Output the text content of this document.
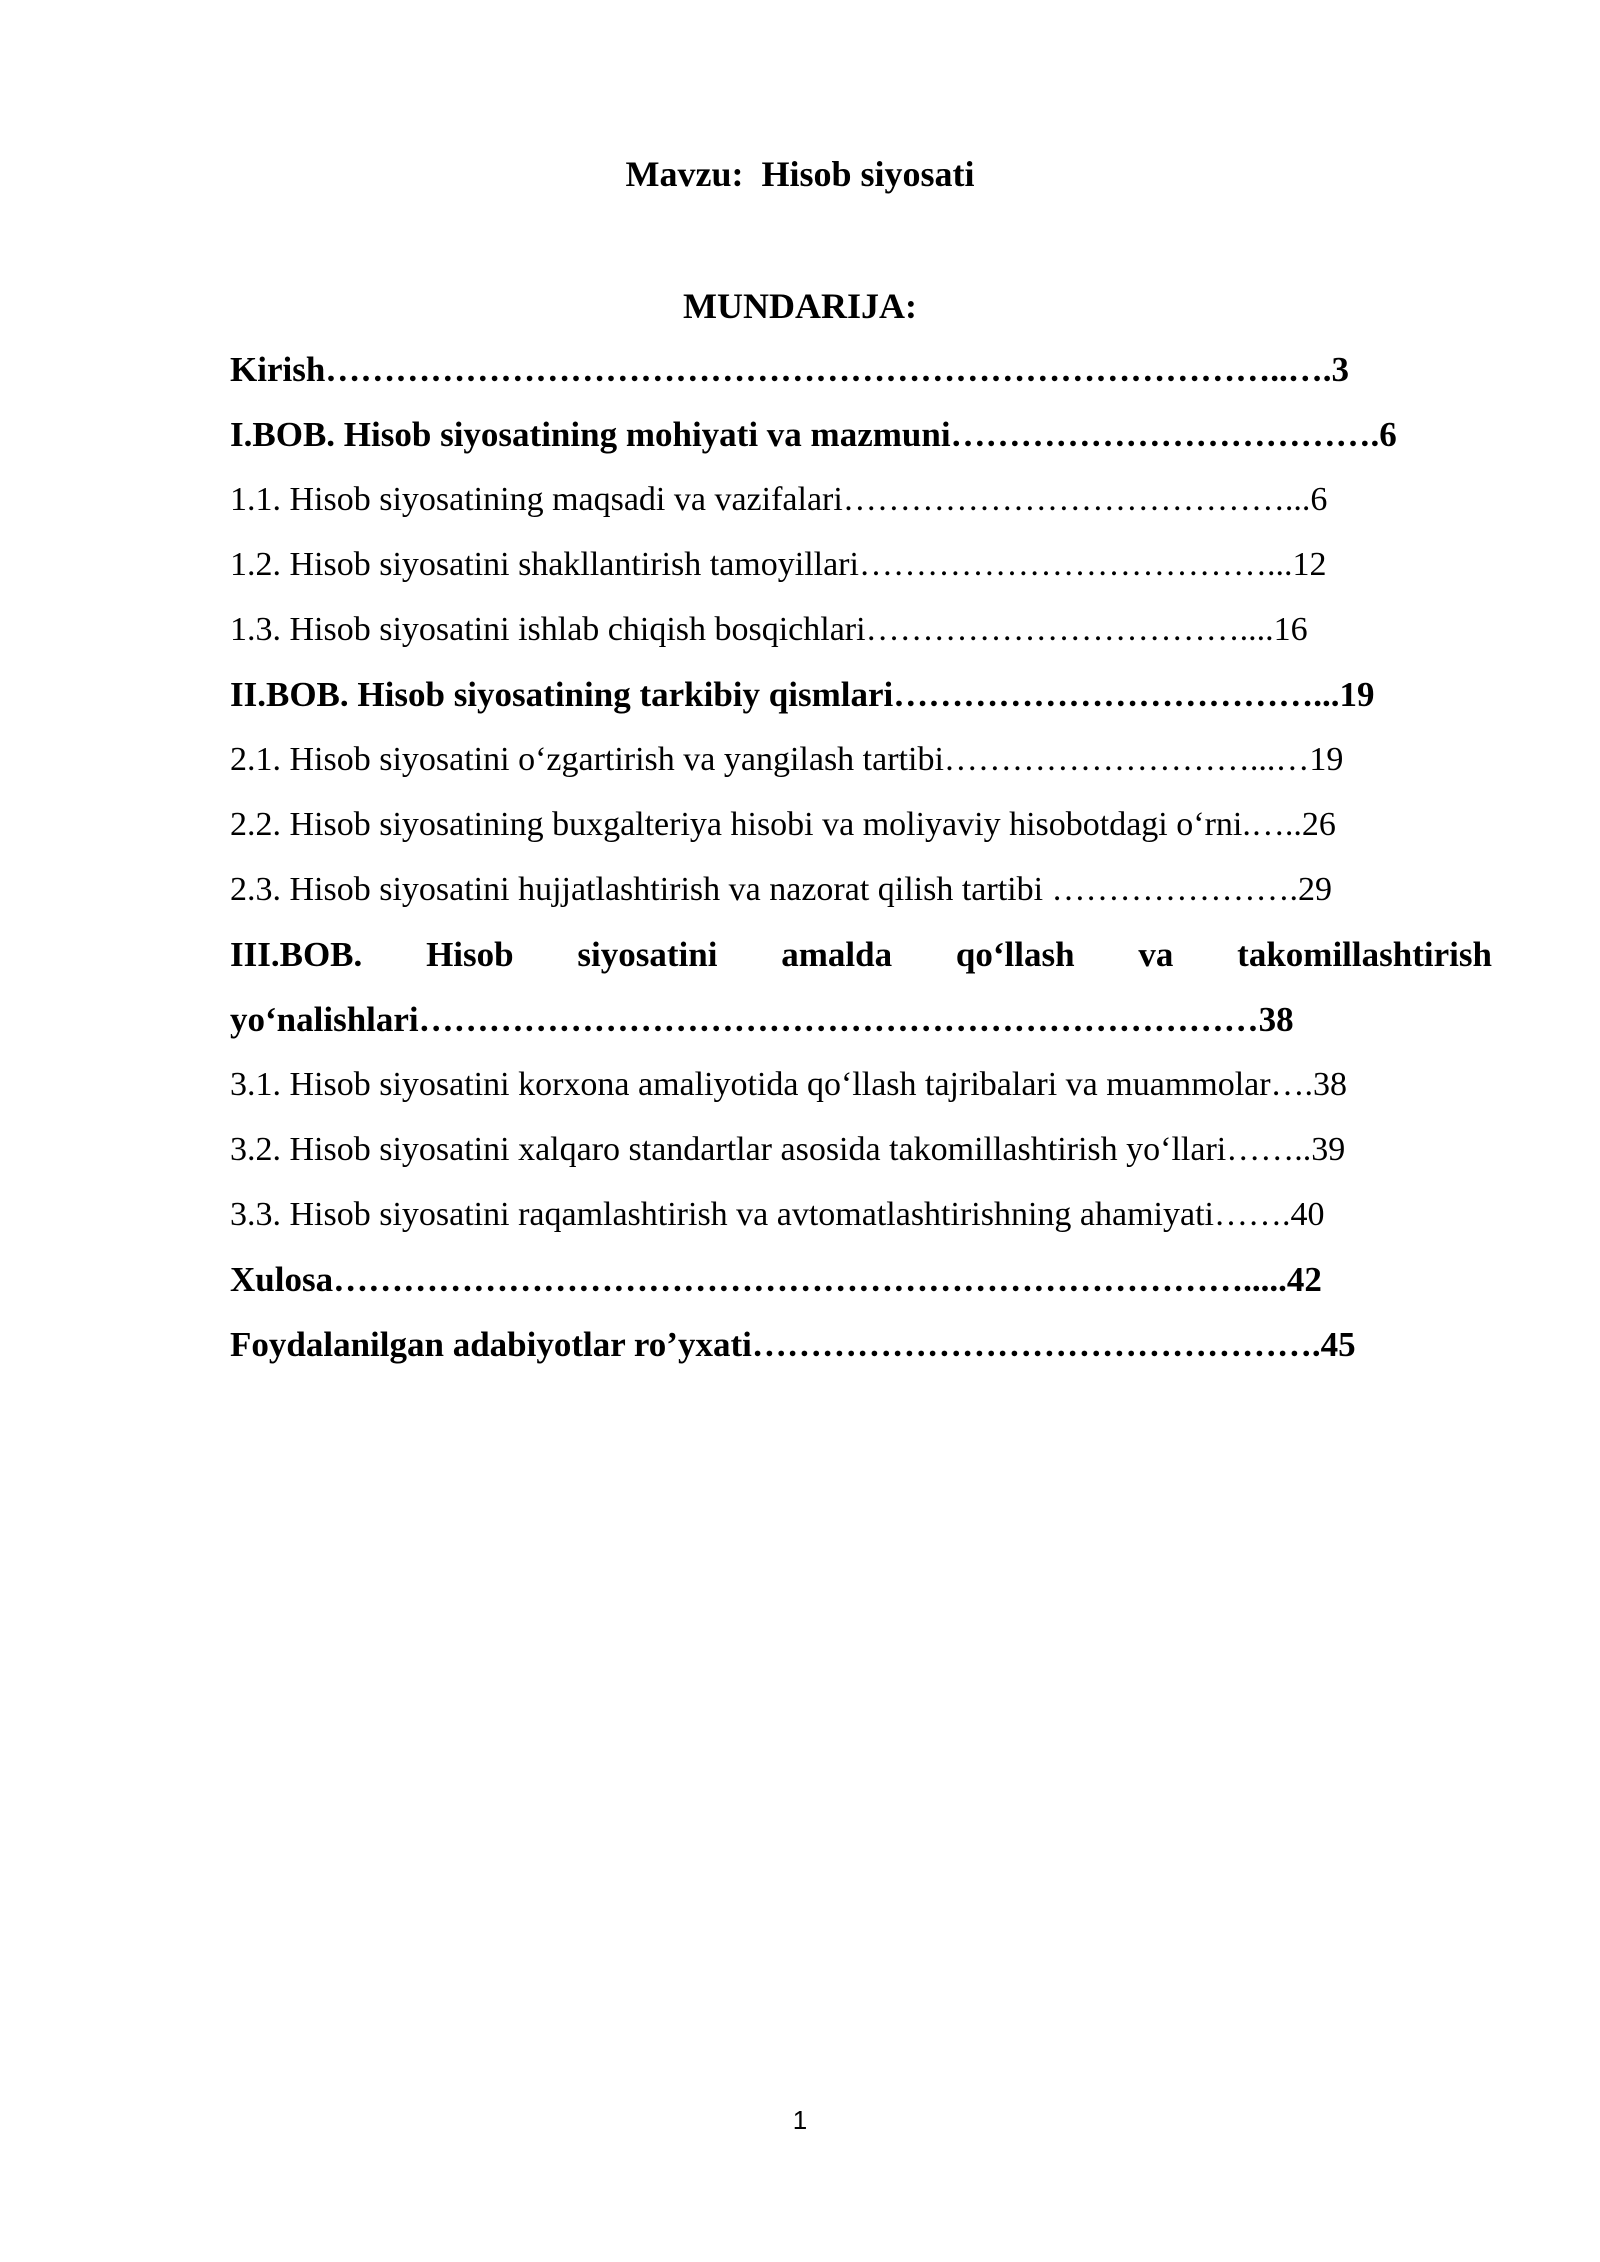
Mavzu:  Hisob siyosati
MUNDARIJA:
Kirish………………………………………………………………………..….3
I.BOB. Hisob siyosatining mohiyati va mazmuni……………………………….6
1.1. Hisob siyosatining maqsadi va vazifalari…………………………………...6
1.2. Hisob siyosatini shakllantirish tamoyillari………………………………...12
1.3. Hisob siyosatini ishlab chiqish bosqichlari……………………………....16
II.BOB. Hisob siyosatining tarkibiy qismlari………………………………...19
2.1. Hisob siyosatini o‘zgartirish va yangilash tartibi………………………...…19
2.2. Hisob siyosatining buxgalteriya hisobi va moliyaviy hisobotdagi o‘rni.…..26
2.3. Hisob siyosatini hujjatlashtirish va nazorat qilish tartibi ………………….29
III.BOB. Hisob siyosatini amalda qo‘llash va takomillashtirish
yo‘nalishlari………………………………………………………………38
3.1. Hisob siyosatini korxona amaliyotida qo‘llash tajribalari va muammolar….38
3.2. Hisob siyosatini xalqaro standartlar asosida takomillashtirish yo‘llari……..39
3.3. Hisob siyosatini raqamlashtirish va avtomatlashtirishning ahamiyati…….40
Xulosa…………………………………………………………………….....42
Foydalanilgan adabiyotlar ro’yxati………………………………………….45
1
